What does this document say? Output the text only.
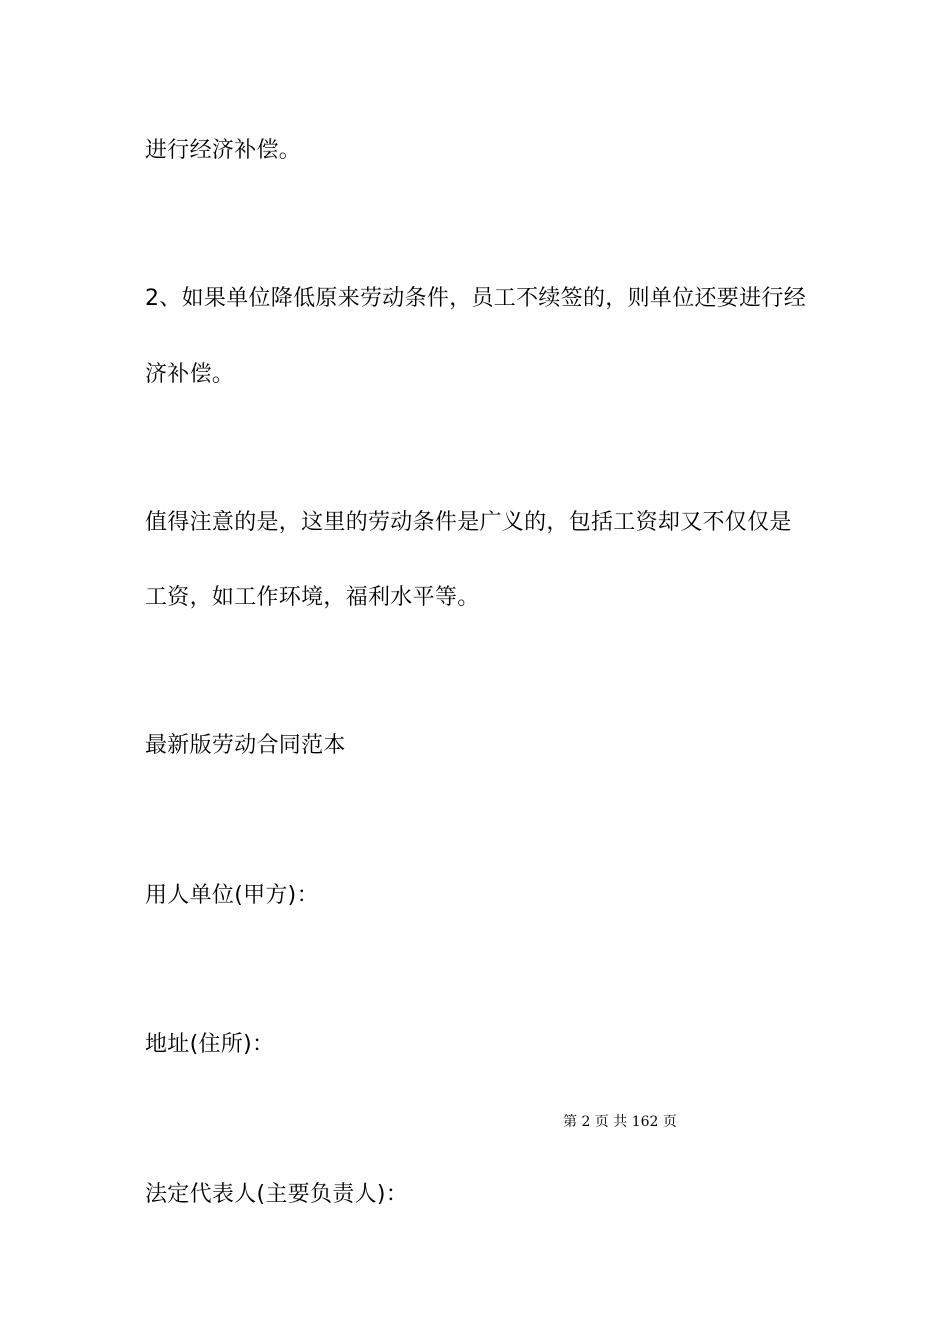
进行经济补偿。
2、如果单位降低原来劳动条件，员工不续签的，则单位还要进行经
济补偿。
值得注意的是，这里的劳动条件是广义的，包括工资却又不仅仅是
工资，如工作环境，福利水平等。
最新版劳动合同范本
用人单位(甲方)：
地址(住所)：
第 2 页 共 162 页
法定代表人(主要负责人)：
